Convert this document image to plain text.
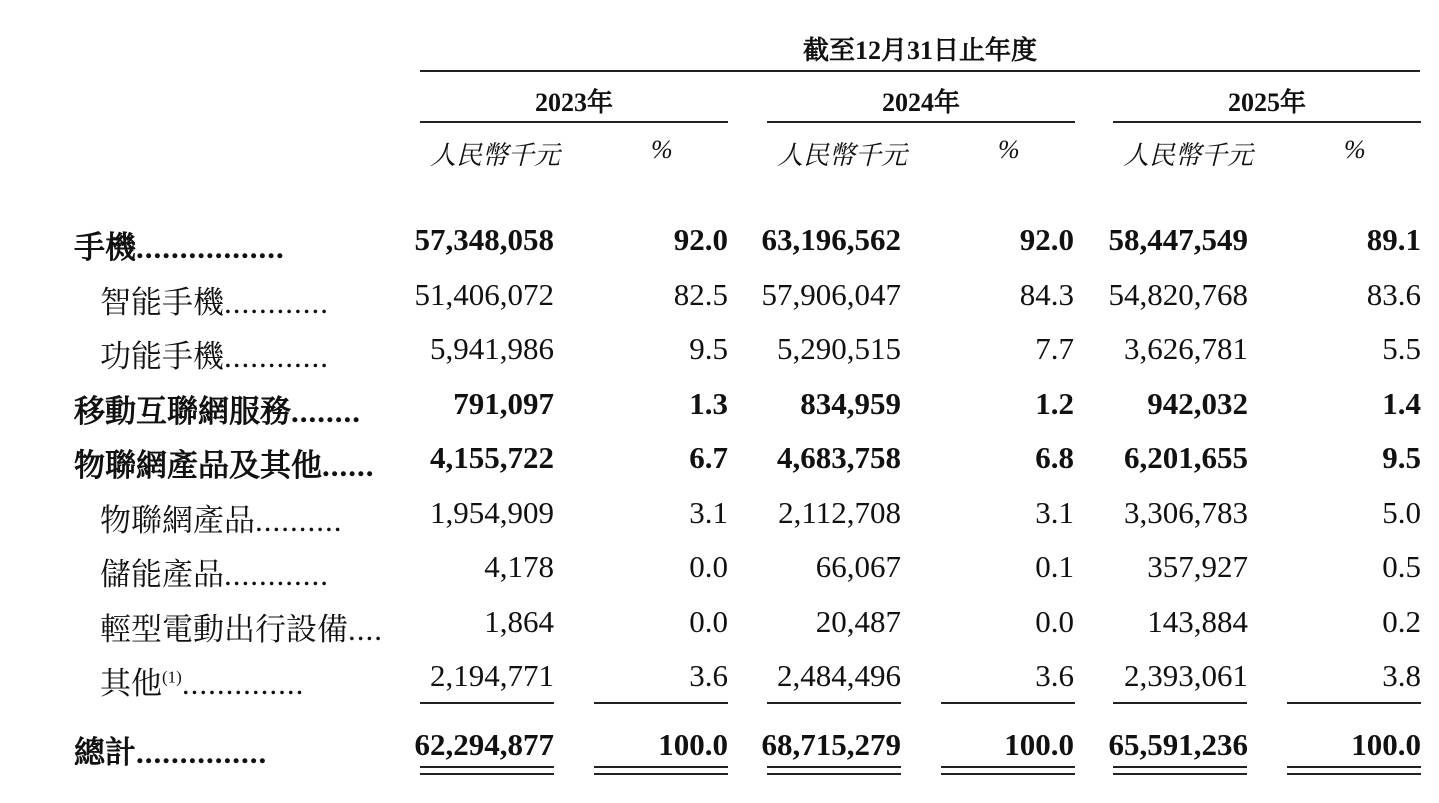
截至12月31日止年度
2023年	2024年	2025年
人民幣千元	%	人民幣千元	%	人民幣千元	%
手機.................	57,348,058	92.0 63,196,562	92.0 58,447,549	89.1
智能手機............	51,406,072	82.5 57,906,047	84.3 54,820,768	83.6
功能手機............	5,941,986	9.5 5,290,515	7.7 3,626,781	5.5
移動互聯網服務........	791,097	1.3 834,959	1.2 942,032	1.4
物聯網產品及其他...... 4,155,722	6.7 4,683,758	6.8 6,201,655	9.5
物聯網產品..........	1,954,909	3.1 2,112,708	3.1 3,306,783	5.0
儲能產品............	4,178	0.0	66,067	0.1 357,927	0.5
輕型電動出行設備....	1,864	0.0	20,487	0.0 143,884	0.2
其他$^{(1)}$..............	2,194,771	3.6 2,484,496	3.6 2,393,061	3.8
總計...............	62,294,877	100.0 68,715,279	100.0 65,591,236	100.0
